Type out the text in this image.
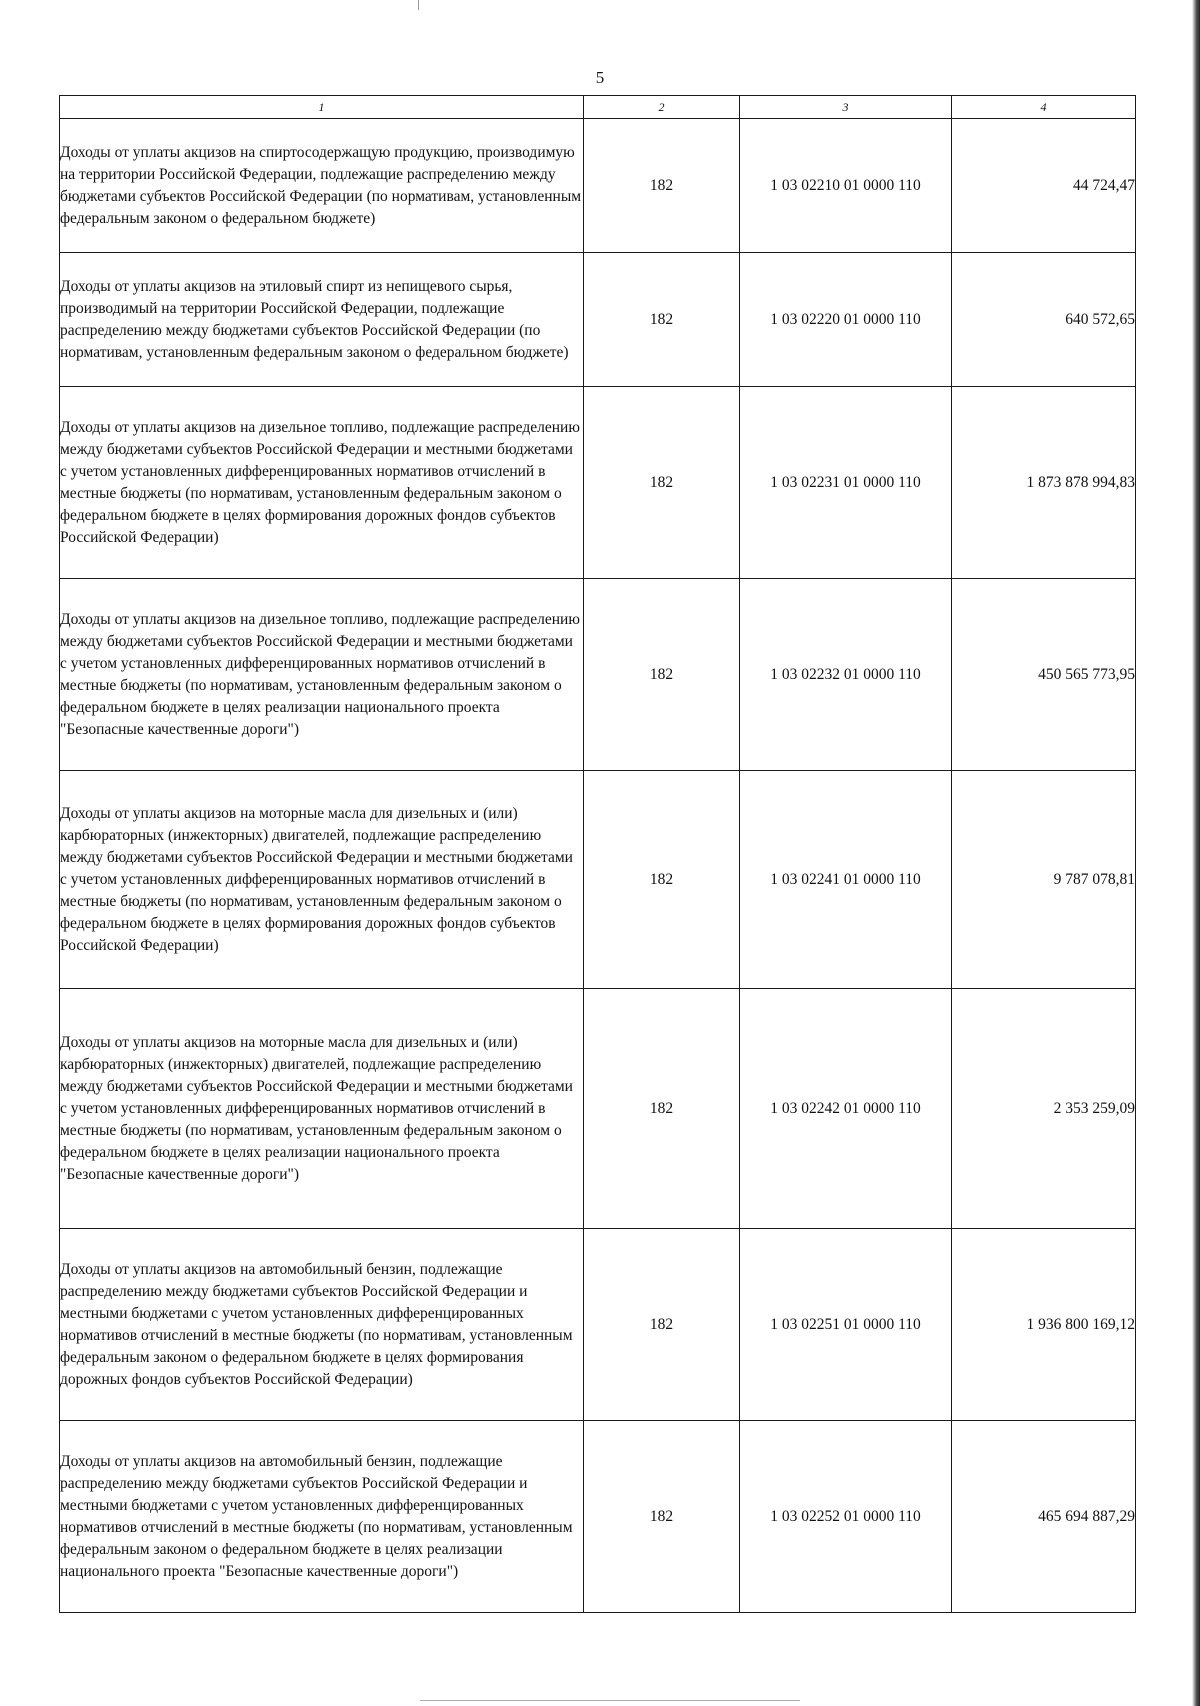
5
1	2	3	4
Доходы от уплаты акцизов на спиртосодержащую продукцию, производимую на территории Российской Федерации, подлежащие распределению между бюджетами субъектов Российской Федерации (по нормативам, установленным федеральным законом о федеральном бюджете)	182	1 03 02210 01 0000 110	44 724,47
Доходы от уплаты акцизов на этиловый спирт из непищевого сырья, производимый на территории Российской Федерации, подлежащие распределению между бюджетами субъектов Российской Федерации (по нормативам, установленным федеральным законом о федеральном бюджете)	182	1 03 02220 01 0000 110	640 572,65
Доходы от уплаты акцизов на дизельное топливо, подлежащие распределению между бюджетами субъектов Российской Федерации и местными бюджетами с учетом установленных дифференцированных нормативов отчислений в местные бюджеты (по нормативам, установленным федеральным законом о федеральном бюджете в целях формирования дорожных фондов субъектов Российской Федерации)	182	1 03 02231 01 0000 110	1 873 878 994,83
Доходы от уплаты акцизов на дизельное топливо, подлежащие распределению между бюджетами субъектов Российской Федерации и местными бюджетами с учетом установленных дифференцированных нормативов отчислений в местные бюджеты (по нормативам, установленным федеральным законом о федеральном бюджете в целях реализации национального проекта "Безопасные качественные дороги")	182	1 03 02232 01 0000 110	450 565 773,95
Доходы от уплаты акцизов на моторные масла для дизельных и (или) карбюраторных (инжекторных) двигателей, подлежащие распределению между бюджетами субъектов Российской Федерации и местными бюджетами с учетом установленных дифференцированных нормативов отчислений в местные бюджеты (по нормативам, установленным федеральным законом о федеральном бюджете в целях формирования дорожных фондов субъектов Российской Федерации)	182	1 03 02241 01 0000 110	9 787 078,81
Доходы от уплаты акцизов на моторные масла для дизельных и (или) карбюраторных (инжекторных) двигателей, подлежащие распределению между бюджетами субъектов Российской Федерации и местными бюджетами с учетом установленных дифференцированных нормативов отчислений в местные бюджеты (по нормативам, установленным федеральным законом о федеральном бюджете в целях реализации национального проекта "Безопасные качественные дороги")	182	1 03 02242 01 0000 110	2 353 259,09
Доходы от уплаты акцизов на автомобильный бензин, подлежащие распределению между бюджетами субъектов Российской Федерации и местными бюджетами с учетом установленных дифференцированных нормативов отчислений в местные бюджеты (по нормативам, установленным федеральным законом о федеральном бюджете в целях формирования дорожных фондов субъектов Российской Федерации)	182	1 03 02251 01 0000 110	1 936 800 169,12
Доходы от уплаты акцизов на автомобильный бензин, подлежащие распределению между бюджетами субъектов Российской Федерации и местными бюджетами с учетом установленных дифференцированных нормативов отчислений в местные бюджеты (по нормативам, установленным федеральным законом о федеральном бюджете в целях реализации национального проекта "Безопасные качественные дороги")	182	1 03 02252 01 0000 110	465 694 887,29
